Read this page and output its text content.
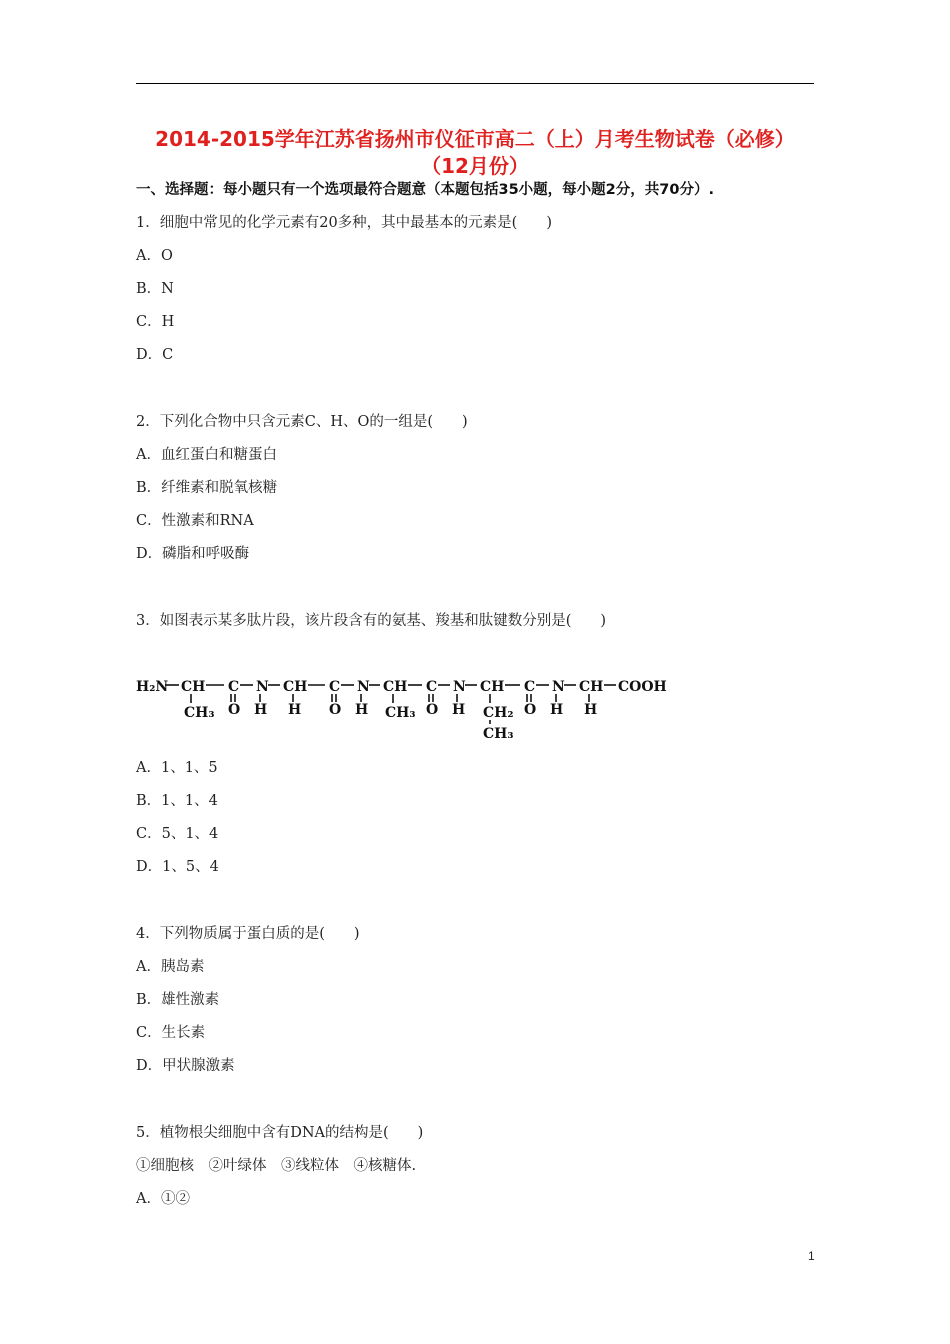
2014-2015学年江苏省扬州市仪征市高二（上）月考生物试卷（必修）
（12月份）
一、选择题：每小题只有一个选项最符合题意（本题包括35小题，每小题2分，共70分）.
1．细胞中常见的化学元素有20多种，其中最基本的元素是(　　)
A．O
B．N
C．H
D．C
2．下列化合物中只含元素C、H、O的一组是(　　)
A．血红蛋白和糖蛋白
B．纤维素和脱氧核糖
C．性激素和RNA
D．磷脂和呼吸酶
3．如图表示某多肽片段，该片段含有的氨基、羧基和肽键数分别是(　　)
H₂N CH C N CH C N CH C N CH C N CH COOH
CH₃ O H H O H CH₃ O H CH₂ O H H
CH₃
A．1、1、5
B．1、1、4
C．5、1、4
D．1、5、4
4．下列物质属于蛋白质的是(　　)
A．胰岛素
B．雄性激素
C．生长素
D．甲状腺激素
5．植物根尖细胞中含有DNA的结构是(　　)
①细胞核　②叶绿体　③线粒体　④核糖体.
A．①②
1
